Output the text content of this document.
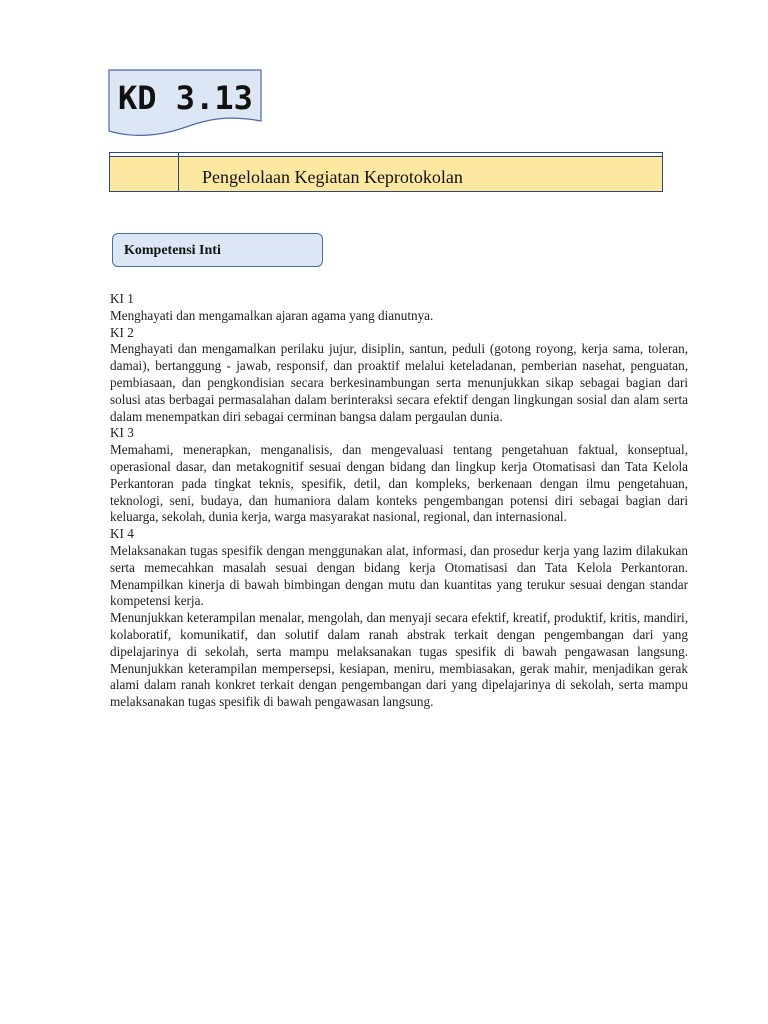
KD 3.13
Pengelolaan Kegiatan Keprotokolan
Kompetensi Inti

KI 1

Menghayati dan mengamalkan ajaran agama yang dianutnya.

KI 2

Menghayati dan mengamalkan perilaku jujur, disiplin, santun, peduli (gotong royong, kerja sama, toleran, damai), bertanggung - jawab, responsif, dan proaktif melalui keteladanan, pemberian nasehat, penguatan, pembiasaan, dan pengkondisian secara berkesinambungan serta menunjukkan sikap sebagai bagian dari solusi atas berbagai permasalahan dalam berinteraksi secara efektif dengan lingkungan sosial dan alam serta dalam menempatkan diri sebagai cerminan bangsa dalam pergaulan dunia.

KI 3

Memahami, menerapkan, menganalisis, dan mengevaluasi tentang pengetahuan faktual, konseptual, operasional dasar, dan metakognitif sesuai dengan bidang dan lingkup kerja Otomatisasi dan Tata Kelola Perkantoran pada tingkat teknis, spesifik, detil, dan kompleks, berkenaan dengan ilmu pengetahuan, teknologi, seni, budaya, dan humaniora dalam konteks pengembangan potensi diri sebagai bagian dari keluarga, sekolah, dunia kerja, warga masyarakat nasional, regional, dan internasional.

KI 4

Melaksanakan tugas spesifik dengan menggunakan alat, informasi, dan prosedur kerja yang lazim dilakukan serta memecahkan masalah sesuai dengan bidang kerja Otomatisasi dan Tata Kelola Perkantoran. Menampilkan kinerja di bawah bimbingan dengan mutu dan kuantitas yang terukur sesuai dengan standar kompetensi kerja.

Menunjukkan keterampilan menalar, mengolah, dan menyaji secara efektif, kreatif, produktif, kritis, mandiri, kolaboratif, komunikatif, dan solutif dalam ranah abstrak terkait dengan pengembangan dari yang dipelajarinya di sekolah, serta mampu melaksanakan tugas spesifik di bawah pengawasan langsung. Menunjukkan keterampilan mempersepsi, kesiapan, meniru, membiasakan, gerak mahir, menjadikan gerak alami dalam ranah konkret terkait dengan pengembangan dari yang dipelajarinya di sekolah, serta mampu melaksanakan tugas spesifik di bawah pengawasan langsung.
